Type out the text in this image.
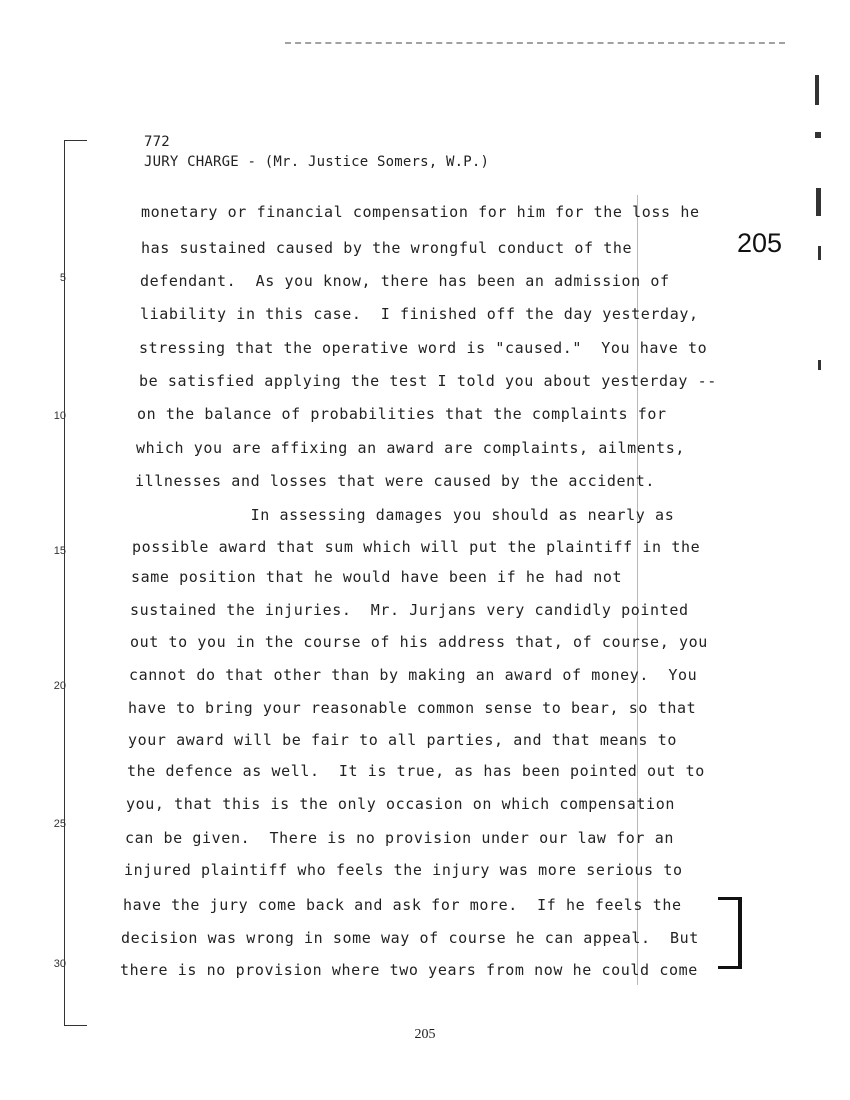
772
JURY CHARGE - (Mr. Justice Somers, W.P.)
205
5
10
15
20
25
30
monetary or financial compensation for him for the loss he
has sustained caused by the wrongful conduct of the
defendant.  As you know, there has been an admission of
liability in this case.  I finished off the day yesterday,
stressing that the operative word is "caused."  You have to
be satisfied applying the test I told you about yesterday --
on the balance of probabilities that the complaints for
which you are affixing an award are complaints, ailments,
illnesses and losses that were caused by the accident.
In assessing damages you should as nearly as
possible award that sum which will put the plaintiff in the
same position that he would have been if he had not
sustained the injuries.  Mr. Jurjans very candidly pointed
out to you in the course of his address that, of course, you
cannot do that other than by making an award of money.  You
have to bring your reasonable common sense to bear, so that
your award will be fair to all parties, and that means to
the defence as well.  It is true, as has been pointed out to
you, that this is the only occasion on which compensation
can be given.  There is no provision under our law for an
injured plaintiff who feels the injury was more serious to
have the jury come back and ask for more.  If he feels the
decision was wrong in some way of course he can appeal.  But
there is no provision where two years from now he could come
205
